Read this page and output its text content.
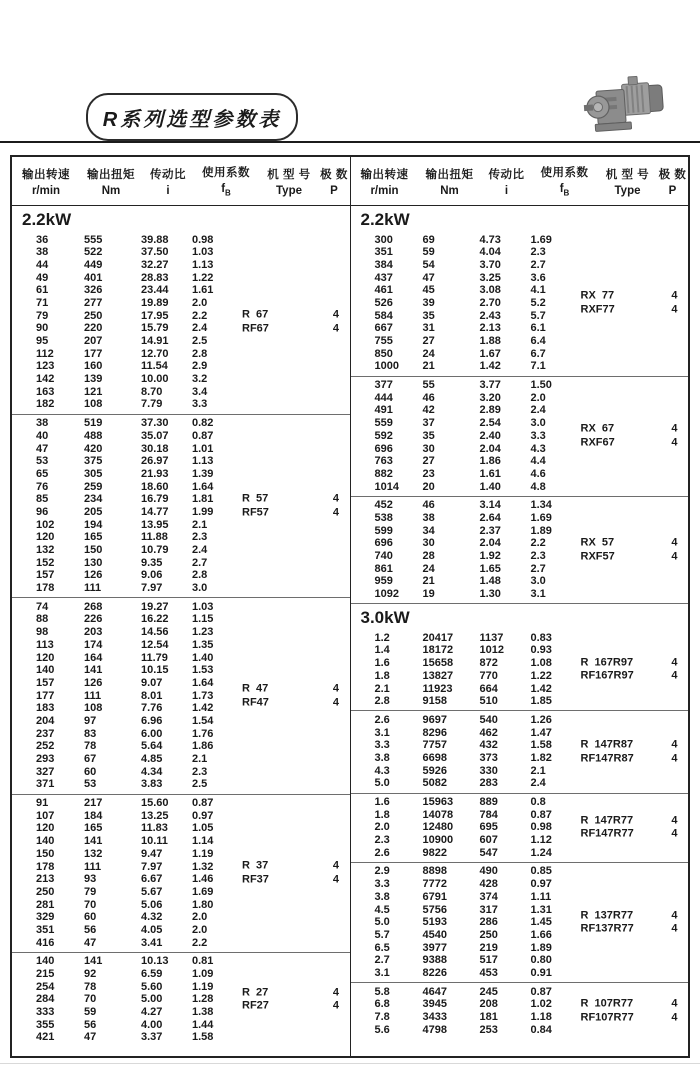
R系列选型参数表
输出转速
r/min
输出扭矩
Nm
传动比
i
使用系数
$f_B$
机 型 号
Type
极 数
P
2.2kW
36	555	39.88	0.98
38	522	37.50	1.03
44	449	32.27	1.13
49	401	28.83	1.22
61	326	23.44	1.61
71	277	19.89	2.0
79	250	17.95	2.2
90	220	15.79	2.4
95	207	14.91	2.5
112	177	12.70	2.8
123	160	11.54	2.9
142	139	10.00	3.2
163	121	8.70	3.4
182	108	7.79	3.3
R  67	4
RF67	4
38	519	37.30	0.82
40	488	35.07	0.87
47	420	30.18	1.01
53	375	26.97	1.13
65	305	21.93	1.39
76	259	18.60	1.64
85	234	16.79	1.81
96	205	14.77	1.99
102	194	13.95	2.1
120	165	11.88	2.3
132	150	10.79	2.4
152	130	9.35	2.7
157	126	9.06	2.8
178	111	7.97	3.0
R  57	4
RF57	4
74	268	19.27	1.03
88	226	16.22	1.15
98	203	14.56	1.23
113	174	12.54	1.35
120	164	11.79	1.40
140	141	10.15	1.53
157	126	9.07	1.64
177	111	8.01	1.73
183	108	7.76	1.42
204	97	6.96	1.54
237	83	6.00	1.76
252	78	5.64	1.86
293	67	4.85	2.1
327	60	4.34	2.3
371	53	3.83	2.5
R  47	4
RF47	4
91	217	15.60	0.87
107	184	13.25	0.97
120	165	11.83	1.05
140	141	10.11	1.14
150	132	9.47	1.19
178	111	7.97	1.32
213	93	6.67	1.46
250	79	5.67	1.69
281	70	5.06	1.80
329	60	4.32	2.0
351	56	4.05	2.0
416	47	3.41	2.2
R  37	4
RF37	4
140	141	10.13	0.81
215	92	6.59	1.09
254	78	5.60	1.19
284	70	5.00	1.28
333	59	4.27	1.38
355	56	4.00	1.44
421	47	3.37	1.58
R  27	4
RF27	4
输出转速
r/min
输出扭矩
Nm
传动比
i
使用系数
$f_B$
机 型 号
Type
极 数
P
2.2kW
300	69	4.73	1.69
351	59	4.04	2.3
384	54	3.70	2.7
437	47	3.25	3.6
461	45	3.08	4.1
526	39	2.70	5.2
584	35	2.43	5.7
667	31	2.13	6.1
755	27	1.88	6.4
850	24	1.67	6.7
1000	21	1.42	7.1
RX  77	4
RXF77	4
377	55	3.77	1.50
444	46	3.20	2.0
491	42	2.89	2.4
559	37	2.54	3.0
592	35	2.40	3.3
696	30	2.04	4.3
763	27	1.86	4.4
882	23	1.61	4.6
1014	20	1.40	4.8
RX  67	4
RXF67	4
452	46	3.14	1.34
538	38	2.64	1.69
599	34	2.37	1.89
696	30	2.04	2.2
740	28	1.92	2.3
861	24	1.65	2.7
959	21	1.48	3.0
1092	19	1.30	3.1
RX  57	4
RXF57	4
3.0kW
1.2	20417	1137	0.83
1.4	18172	1012	0.93
1.6	15658	872	1.08
1.8	13827	770	1.22
2.1	11923	664	1.42
2.8	9158	510	1.85
R  167R97	4
RF167R97	4
2.6	9697	540	1.26
3.1	8296	462	1.47
3.3	7757	432	1.58
3.8	6698	373	1.82
4.3	5926	330	2.1
5.0	5082	283	2.4
R  147R87	4
RF147R87	4
1.6	15963	889	0.8
1.8	14078	784	0.87
2.0	12480	695	0.98
2.3	10900	607	1.12
2.6	9822	547	1.24
R  147R77	4
RF147R77	4
2.9	8898	490	0.85
3.3	7772	428	0.97
3.8	6791	374	1.11
4.5	5756	317	1.31
5.0	5193	286	1.45
5.7	4540	250	1.66
6.5	3977	219	1.89
2.7	9388	517	0.80
3.1	8226	453	0.91
R  137R77	4
RF137R77	4
5.8	4647	245	0.87
6.8	3945	208	1.02
7.8	3433	181	1.18
5.6	4798	253	0.84
R  107R77	4
RF107R77	4
